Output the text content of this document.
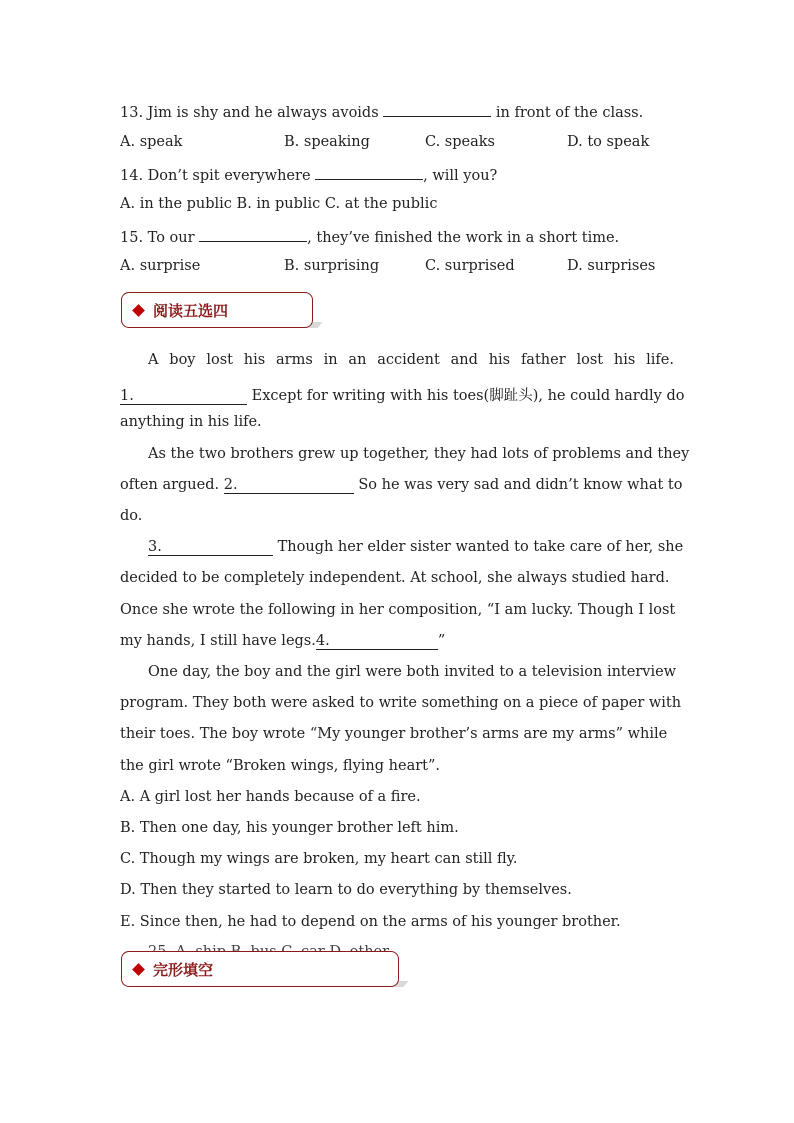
13. Jim is shy and he always avoids	in front of the class.
A. speak	B. speaking	C. speaks	D. to speak
14. Don’t spit everywhere	, will you?
A. in the public B. in public C. at the public
15. To our	, they’ve finished the work in a short time.
A. surprise	B. surprising	C. surprised	D. surprises
阅读五选四
A boy lost his arms in an accident and his father lost his life.
1.	Except for writing with his toes(脚趾头), he could hardly do
anything in his life.
As the two brothers grew up together, they had lots of problems and they
often argued. 2.	So he was very sad and didn’t know what to
do.
3.	Though her elder sister wanted to take care of her, she
decided to be completely independent. At school, she always studied hard.
Once she wrote the following in her composition, “I am lucky. Though I lost
my hands, I still have legs.4.	”
One day, the boy and the girl were both invited to a television interview
program. They both were asked to write something on a piece of paper with
their toes. The boy wrote “My younger brother’s arms are my arms” while
the girl wrote “Broken wings, flying heart”.
A. A girl lost her hands because of a fire.
B. Then one day, his younger brother left him.
C. Though my wings are broken, my heart can still fly.
D. Then they started to learn to do everything by themselves.
E. Since then, he had to depend on the arms of his younger brother.
完形填空
